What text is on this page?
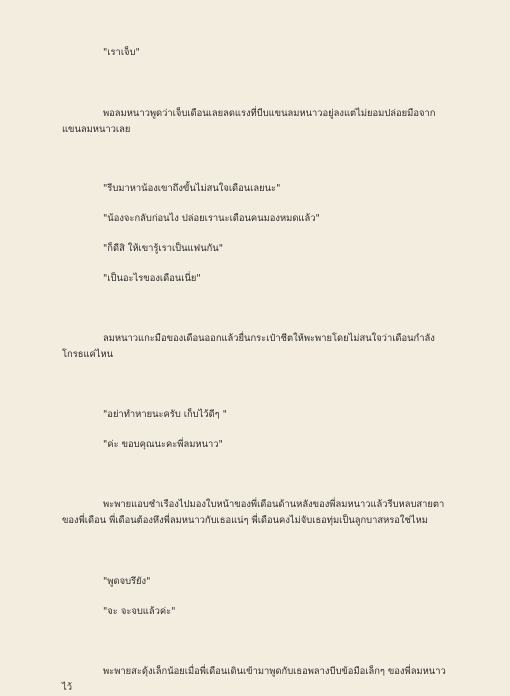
"เราเจ็บ"
พอลมหนาวพูดว่าเจ็บเดือนเลยลดแรงที่บีบแขนลมหนาวอยู่ลงแต่ไม่ยอมปล่อยมือจากแขนลมหนาวเลย
"รีบมาหาน้องเขาถึงขั้นไม่สนใจเดือนเลยนะ"
"น้องจะกลับก่อนไง ปล่อยเรานะเดือนคนมองหมดแล้ว"
"ก็ดีสิ ให้เขารู้เราเป็นแฟนกัน"
"เป็นอะไรของเดือนเนี่ย"
ลมหนาวแกะมือของเดือนออกแล้วยื่นกระเป๋าชีตให้พะพายโดยไม่สนใจว่าเดือนกำลังโกรธแค่ไหน
"อย่าทำหายนะครับ เก็บไว้ดีๆ "
"ค่ะ ขอบคุณนะคะพี่ลมหนาว"
พะพายแอบชำเรืองไปมองใบหน้าของพี่เดือนด้านหลังของพี่ลมหนาวแล้วรีบหลบสายตาของพี่เดือน พี่เดือนต้องหึงพี่ลมหนาวกับเธอแน่ๆ พี่เดือนคงไม่จับเธอทุ่มเป็นลูกบาสหรอใช่ไหม
"พูดจบรึยัง"
"จะ จะจบแล้วค่ะ"
พะพายสะดุ้งเล็กน้อยเมื่อพี่เดือนเดินเข้ามาพูดกับเธอพลางบีบข้อมือเล็กๆ ของพี่ลมหนาวไว้
